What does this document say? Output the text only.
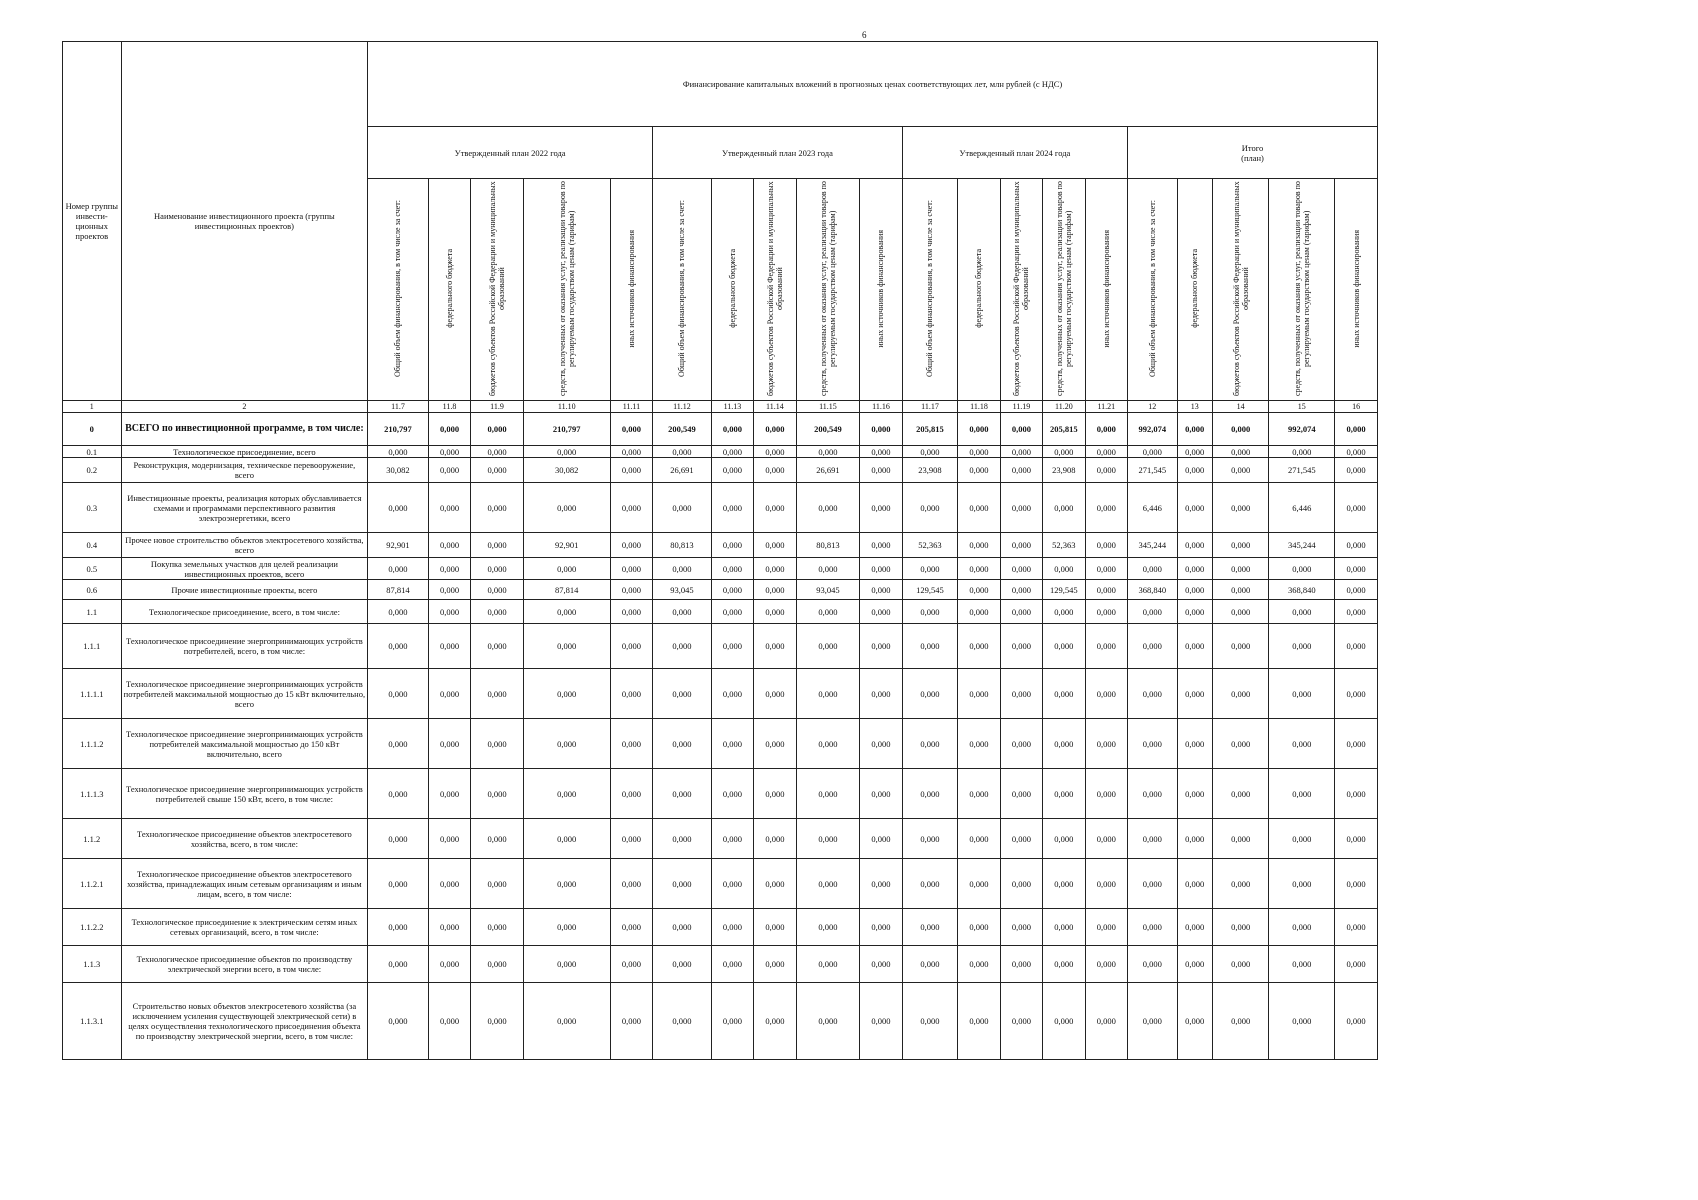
6
Номер группы инвести-ционных проектов	Наименование инвестиционного проекта (группы инвестиционных проектов)	Финансирование капитальных вложений в прогнозных ценах соответствующих лет, млн рублей (с НДС)																			
		Утвержденный план 2022 года					Утвержденный план 2023 года					Утвержденный план 2024 года					Итого
(план)				
		Общий объем финансирования, в том числе за счет:	федерального бюджета	бюджетов субъектов Российской Федерации и муниципальных образований	средств, полученных от оказания услуг, реализации товаров по регулируемым государством ценам (тарифам)	иных источников финансирования	Общий объем финансирования, в том числе за счет:	федерального бюджета	бюджетов субъектов Российской Федерации и муниципальных образований	средств, полученных от оказания услуг, реализации товаров по регулируемым государством ценам (тарифам)	иных источников финансирования	Общий объем финансирования, в том числе за счет:	федерального бюджета	бюджетов субъектов Российской Федерации и муниципальных образований	средств, полученных от оказания услуг, реализации товаров по регулируемым государством ценам (тарифам)	иных источников финансирования	Общий объем финансирования, в том числе за счет:	федерального бюджета	бюджетов субъектов Российской Федерации и муниципальных образований	средств, полученных от оказания услуг, реализации товаров по регулируемым государством ценам (тарифам)	иных источников финансирования
1	2	11.7	11.8	11.9	11.10	11.11	11.12	11.13	11.14	11.15	11.16	11.17	11.18	11.19	11.20	11.21	12	13	14	15	16
0	ВСЕГО по инвестиционной программе, в том числе:	210,797	0,000	0,000	210,797	0,000	200,549	0,000	0,000	200,549	0,000	205,815	0,000	0,000	205,815	0,000	992,074	0,000	0,000	992,074	0,000
0.1	Технологическое присоединение, всего	0,000	0,000	0,000	0,000	0,000	0,000	0,000	0,000	0,000	0,000	0,000	0,000	0,000	0,000	0,000	0,000	0,000	0,000	0,000	0,000
0.2	Реконструкция, модернизация, техническое перевооружение, всего	30,082	0,000	0,000	30,082	0,000	26,691	0,000	0,000	26,691	0,000	23,908	0,000	0,000	23,908	0,000	271,545	0,000	0,000	271,545	0,000
0.3	Инвестиционные проекты, реализация которых обуславливается схемами и программами перспективного развития электроэнергетики, всего	0,000	0,000	0,000	0,000	0,000	0,000	0,000	0,000	0,000	0,000	0,000	0,000	0,000	0,000	0,000	6,446	0,000	0,000	6,446	0,000
0.4	Прочее новое строительство объектов электросетевого хозяйства, всего	92,901	0,000	0,000	92,901	0,000	80,813	0,000	0,000	80,813	0,000	52,363	0,000	0,000	52,363	0,000	345,244	0,000	0,000	345,244	0,000
0.5	Покупка земельных участков для целей реализации инвестиционных проектов, всего	0,000	0,000	0,000	0,000	0,000	0,000	0,000	0,000	0,000	0,000	0,000	0,000	0,000	0,000	0,000	0,000	0,000	0,000	0,000	0,000
0.6	Прочие инвестиционные проекты, всего	87,814	0,000	0,000	87,814	0,000	93,045	0,000	0,000	93,045	0,000	129,545	0,000	0,000	129,545	0,000	368,840	0,000	0,000	368,840	0,000
1.1	Технологическое присоединение, всего, в том числе:	0,000	0,000	0,000	0,000	0,000	0,000	0,000	0,000	0,000	0,000	0,000	0,000	0,000	0,000	0,000	0,000	0,000	0,000	0,000	0,000
1.1.1	Технологическое присоединение энергопринимающих устройств потребителей, всего, в том числе:	0,000	0,000	0,000	0,000	0,000	0,000	0,000	0,000	0,000	0,000	0,000	0,000	0,000	0,000	0,000	0,000	0,000	0,000	0,000	0,000
1.1.1.1	Технологическое присоединение энергопринимающих устройств потребителей максимальной мощностью до 15 кВт включительно, всего	0,000	0,000	0,000	0,000	0,000	0,000	0,000	0,000	0,000	0,000	0,000	0,000	0,000	0,000	0,000	0,000	0,000	0,000	0,000	0,000
1.1.1.2	Технологическое присоединение энергопринимающих устройств потребителей максимальной мощностью до 150 кВт включительно, всего	0,000	0,000	0,000	0,000	0,000	0,000	0,000	0,000	0,000	0,000	0,000	0,000	0,000	0,000	0,000	0,000	0,000	0,000	0,000	0,000
1.1.1.3	Технологическое присоединение энергопринимающих устройств потребителей свыше 150 кВт, всего, в том числе:	0,000	0,000	0,000	0,000	0,000	0,000	0,000	0,000	0,000	0,000	0,000	0,000	0,000	0,000	0,000	0,000	0,000	0,000	0,000	0,000
1.1.2	Технологическое присоединение объектов электросетевого хозяйства, всего, в том числе:	0,000	0,000	0,000	0,000	0,000	0,000	0,000	0,000	0,000	0,000	0,000	0,000	0,000	0,000	0,000	0,000	0,000	0,000	0,000	0,000
1.1.2.1	Технологическое присоединение объектов электросетевого хозяйства, принадлежащих иным сетевым организациям и иным лицам, всего, в том числе:	0,000	0,000	0,000	0,000	0,000	0,000	0,000	0,000	0,000	0,000	0,000	0,000	0,000	0,000	0,000	0,000	0,000	0,000	0,000	0,000
1.1.2.2	Технологическое присоединение к электрическим сетям иных сетевых организаций, всего, в том числе:	0,000	0,000	0,000	0,000	0,000	0,000	0,000	0,000	0,000	0,000	0,000	0,000	0,000	0,000	0,000	0,000	0,000	0,000	0,000	0,000
1.1.3	Технологическое присоединение объектов по производству электрической энергии всего, в том числе:	0,000	0,000	0,000	0,000	0,000	0,000	0,000	0,000	0,000	0,000	0,000	0,000	0,000	0,000	0,000	0,000	0,000	0,000	0,000	0,000
1.1.3.1	Строительство новых объектов электросетевого хозяйства (за исключением усиления существующей электрической сети) в целях осуществления технологического присоединения объекта по производству электрической энергии, всего, в том числе:	0,000	0,000	0,000	0,000	0,000	0,000	0,000	0,000	0,000	0,000	0,000	0,000	0,000	0,000	0,000	0,000	0,000	0,000	0,000	0,000
